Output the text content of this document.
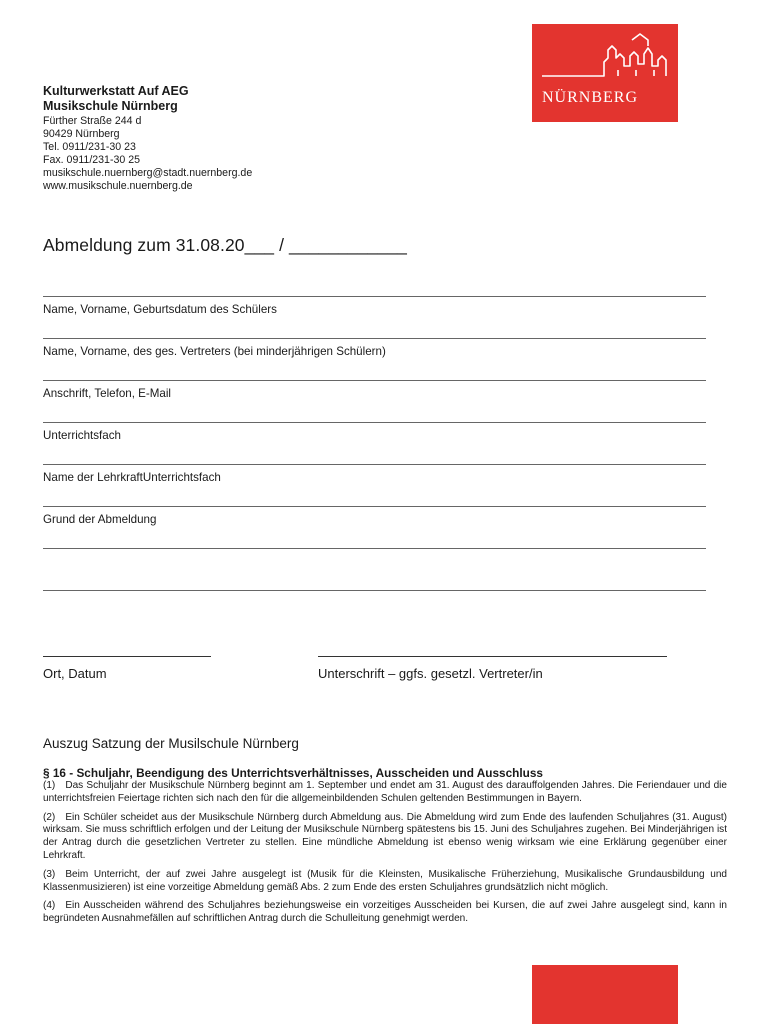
NÜRNBERG
Kulturwerkstatt Auf AEG
Musikschule Nürnberg
Fürther Straße 244 d
90429 Nürnberg
Tel. 0911/231-30 23
Fax. 0911/231-30 25
musikschule.nuernberg@stadt.nuernberg.de
www.musikschule.nuernberg.de
Abmeldung zum 31.08.20___ / ____________
Name, Vorname, Geburtsdatum des Schülers
Name, Vorname, des ges. Vertreters (bei minderjährigen Schülern)
Anschrift, Telefon, E-Mail
Unterrichtsfach
Name der LehrkraftUnterrichtsfach
Grund der Abmeldung
Ort, Datum	Unterschrift – ggfs. gesetzl. Vertreter/in
Auszug Satzung der Musilschule Nürnberg
§ 16 - Schuljahr, Beendigung des Unterrichtsverhältnisses, Ausscheiden und Ausschluss

(1) Das Schuljahr der Musikschule Nürnberg beginnt am 1. September und endet am 31. August des darauffolgenden Jahres. Die Feriendauer und die unterrichtsfreien Feiertage richten sich nach den für die allgemeinbildenden Schulen geltenden Bestimmungen in Bayern.

(2) Ein Schüler scheidet aus der Musikschule Nürnberg durch Abmeldung aus. Die Abmeldung wird zum Ende des laufenden Schuljahres (31. August) wirksam. Sie muss schriftlich erfolgen und der Leitung der Musikschule Nürnberg spätestens bis 15. Juni des Schuljahres zugehen. Bei Minderjährigen ist der Antrag durch die gesetzlichen Vertreter zu stellen. Eine mündliche Abmeldung ist ebenso wenig wirksam wie eine Erklärung gegenüber einer Lehrkraft.

(3) Beim Unterricht, der auf zwei Jahre ausgelegt ist (Musik für die Kleinsten, Musikalische Früherziehung, Musikalische Grundausbildung und Klassenmusizieren) ist eine vorzeitige Abmeldung gemäß Abs. 2 zum Ende des ersten Schuljahres grundsätzlich nicht möglich.

(4) Ein Ausscheiden während des Schuljahres beziehungsweise ein vorzeitiges Ausscheiden bei Kursen, die auf zwei Jahre ausgelegt sind, kann in begründeten Ausnahmefällen auf schriftlichen Antrag durch die Schulleitung genehmigt werden.
